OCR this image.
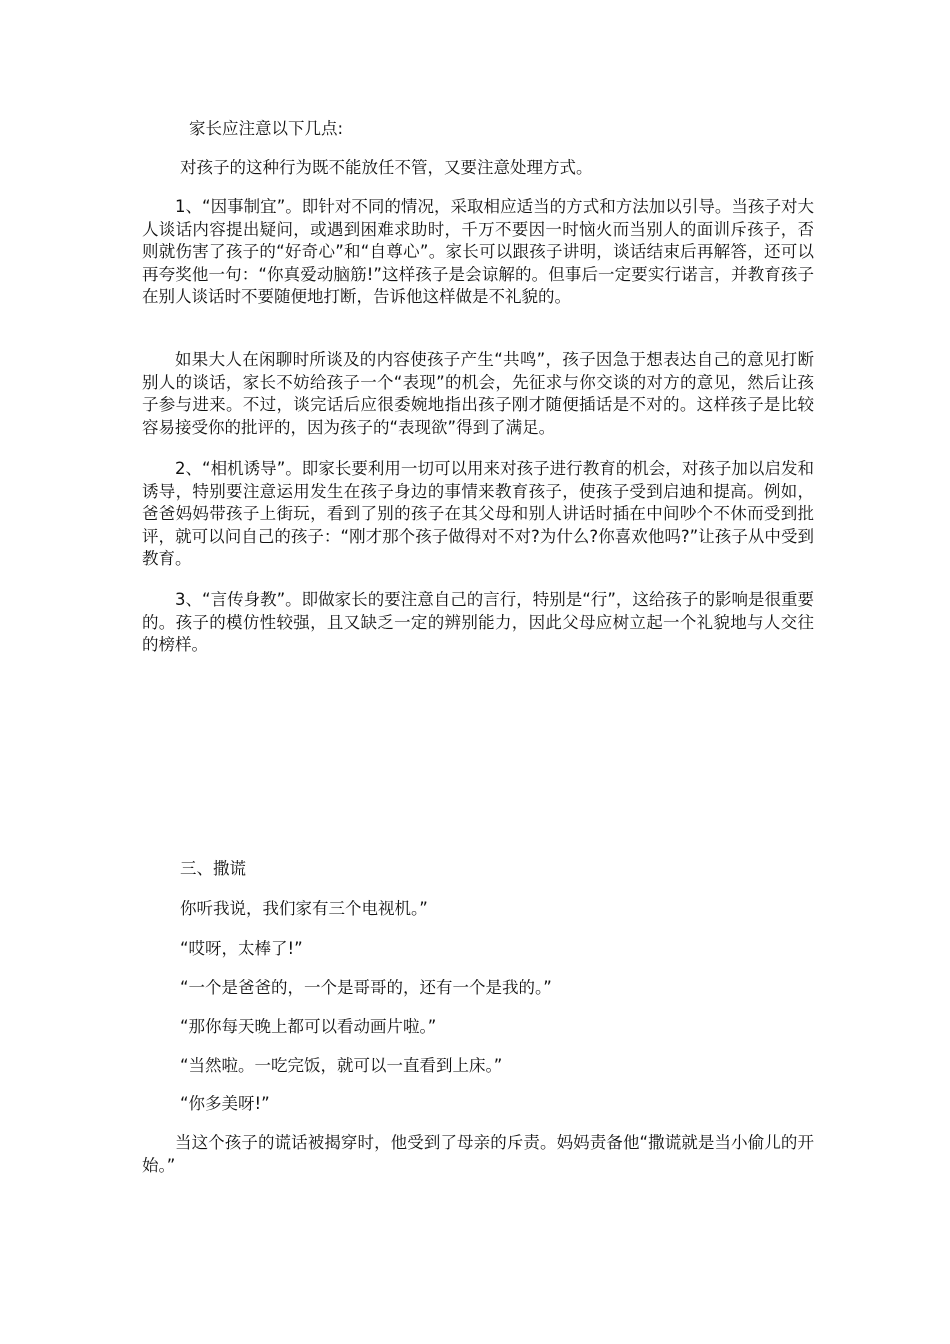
家长应注意以下几点:

对孩子的这种行为既不能放任不管，又要注意处理方式。

1、“因事制宜”。即针对不同的情况，采取相应适当的方式和方法加以引导。当孩子对大人谈话内容提出疑问，或遇到困难求助时，千万不要因一时恼火而当别人的面训斥孩子，否则就伤害了孩子的“好奇心”和“自尊心”。家长可以跟孩子讲明，谈话结束后再解答，还可以再夸奖他一句：“你真爱动脑筋!”这样孩子是会谅解的。但事后一定要实行诺言，并教育孩子在别人谈话时不要随便地打断，告诉他这样做是不礼貌的。

如果大人在闲聊时所谈及的内容使孩子产生“共鸣”，孩子因急于想表达自己的意见打断别人的谈话，家长不妨给孩子一个“表现”的机会，先征求与你交谈的对方的意见，然后让孩子参与进来。不过，谈完话后应很委婉地指出孩子刚才随便插话是不对的。这样孩子是比较容易接受你的批评的，因为孩子的“表现欲”得到了满足。

2、“相机诱导”。即家长要利用一切可以用来对孩子进行教育的机会，对孩子加以启发和诱导，特别要注意运用发生在孩子身边的事情来教育孩子，使孩子受到启迪和提高。例如，爸爸妈妈带孩子上街玩，看到了别的孩子在其父母和别人讲话时插在中间吵个不休而受到批评，就可以问自己的孩子：“刚才那个孩子做得对不对?为什么?你喜欢他吗?”让孩子从中受到教育。

3、“言传身教”。即做家长的要注意自己的言行，特别是“行”，这给孩子的影响是很重要的。孩子的模仿性较强，且又缺乏一定的辨别能力，因此父母应树立起一个礼貌地与人交往的榜样。

三、撒谎

你听我说，我们家有三个电视机。”

“哎呀，太棒了!”

“一个是爸爸的，一个是哥哥的，还有一个是我的。”

“那你每天晚上都可以看动画片啦。”

“当然啦。一吃完饭，就可以一直看到上床。”

“你多美呀!”

当这个孩子的谎话被揭穿时，他受到了母亲的斥责。妈妈责备他“撒谎就是当小偷儿的开始。”
